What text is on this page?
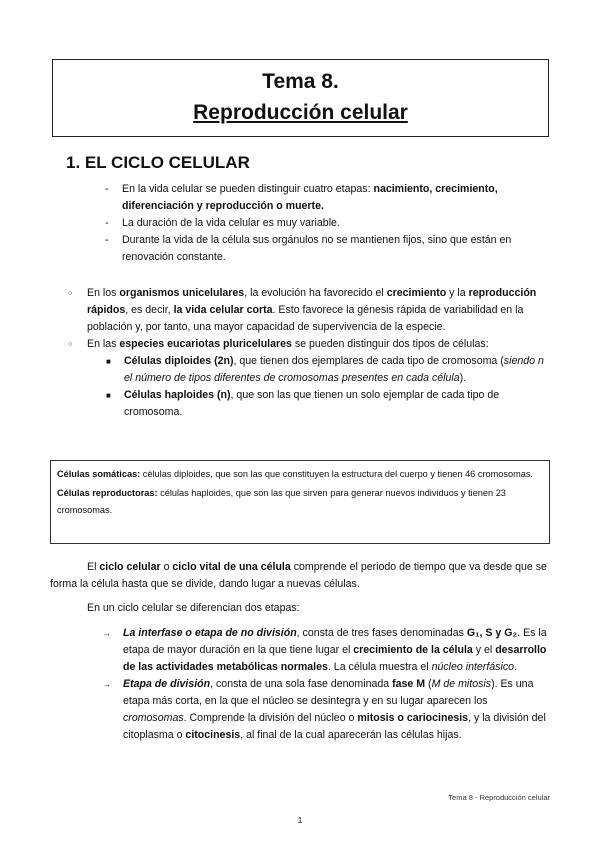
Tema 8.
Reproducción celular
1. EL CICLO CELULAR
- En la vida celular se pueden distinguir cuatro etapas: nacimiento, crecimiento, diferenciación y reproducción o muerte.
- La duración de la vida celular es muy variable.
- Durante la vida de la célula sus orgánulos no se mantienen fijos, sino que están en renovación constante.
○ En los organismos unicelulares, la evolución ha favorecido el crecimiento y la reproducción rápidos, es decir, la vida celular corta. Esto favorece la génesis rápida de variabilidad en la población y, por tanto, una mayor capacidad de supervivencia de la especie.
○ En las especies eucariotas pluricelulares se pueden distinguir dos tipos de células:
■ Células diploides (2n), que tienen dos ejemplares de cada tipo de cromosoma (siendo n el número de tipos diferentes de cromosomas presentes en cada célula).
■ Células haploides (n), que son las que tienen un solo ejemplar de cada tipo de cromosoma.

Células somáticas: células diploides, que son las que constituyen la estructura del cuerpo y tienen 46 cromosomas.

Células reproductoras: células haploides, que son las que sirven para generar nuevos individuos y tienen 23 cromosomas.

El ciclo celular o ciclo vital de una célula comprende el periodo de tiempo que va desde que se forma la célula hasta que se divide, dando lugar a nuevas células.
En un ciclo celular se diferencian dos etapas:
→ La interfase o etapa de no división, consta de tres fases denominadas G₁, S y G₂. Es la etapa de mayor duración en la que tiene lugar el crecimiento de la célula y el desarrollo de las actividades metabólicas normales. La célula muestra el núcleo interfásico.
→ Etapa de división, consta de una sola fase denominada fase M (M de mitosis). Es una etapa más corta, en la que el núcleo se desintegra y en su lugar aparecen los cromosomas. Comprende la división del núcleo o mitosis o cariocinesis, y la división del citoplasma o citocinesis, al final de la cual aparecerán las células hijas.
Tema 8 - Reproducción celular
1
